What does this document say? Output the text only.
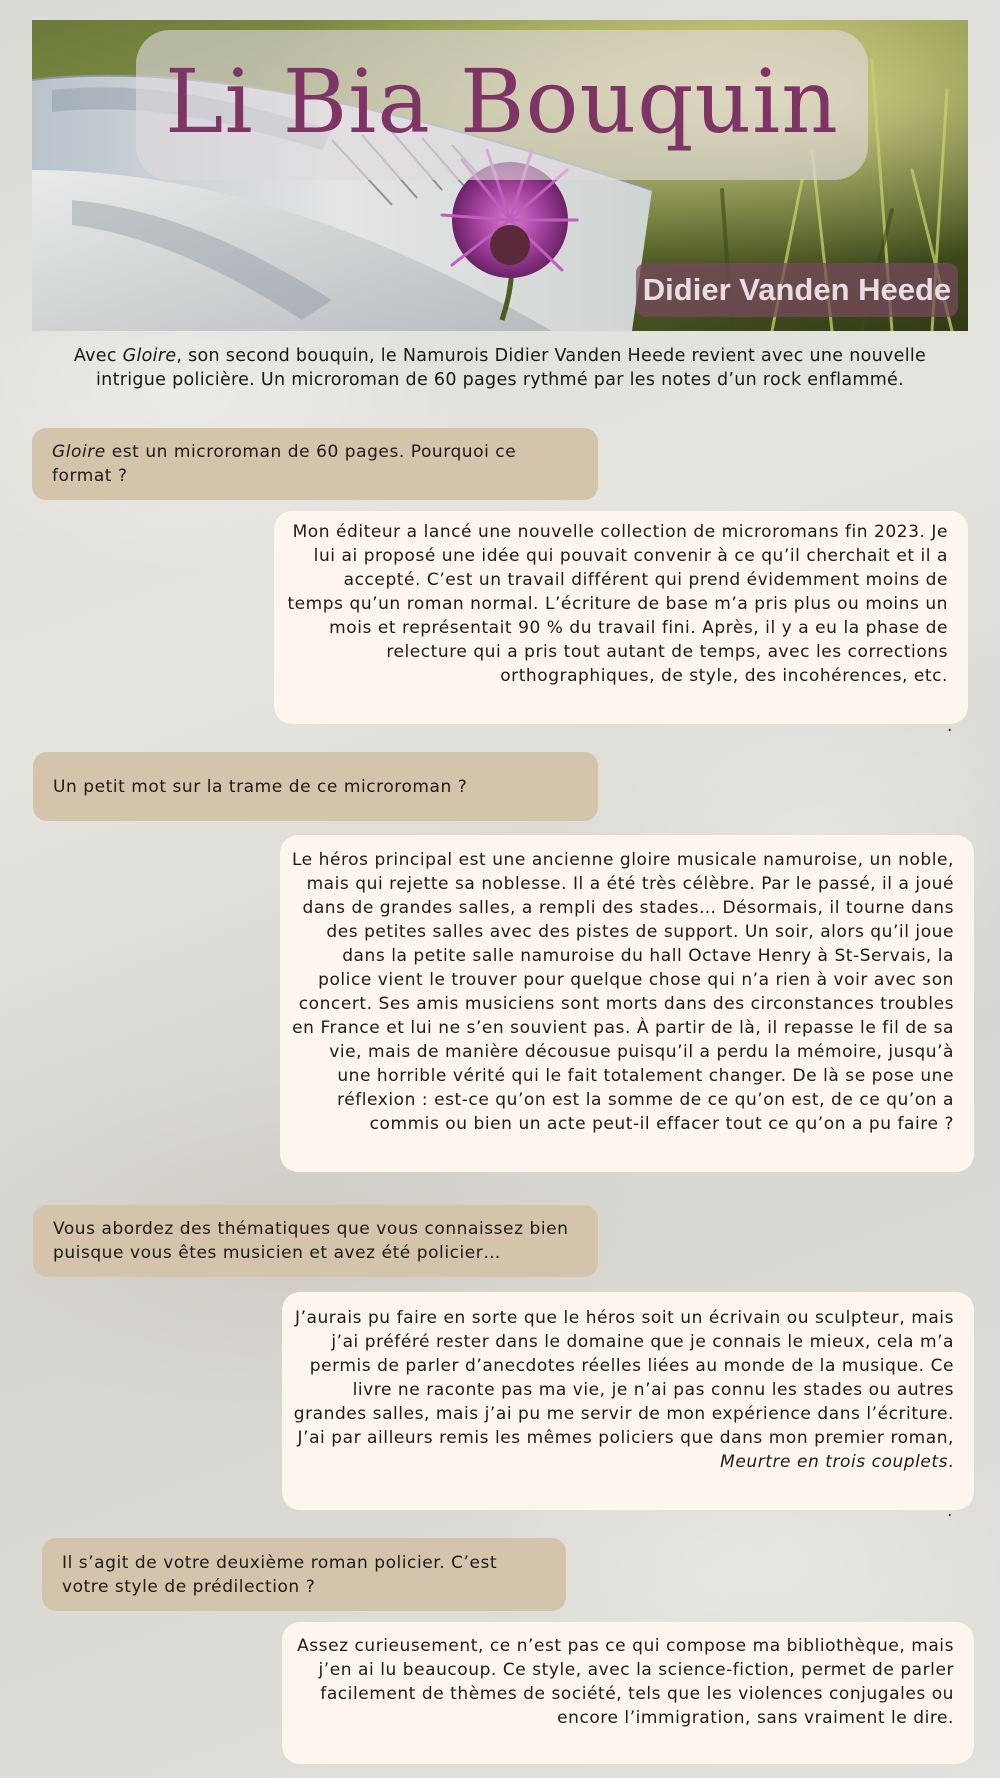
Li Bia Bouquin
Didier Vanden Heede

Avec Gloire, son second bouquin, le Namurois Didier Vanden Heede revient avec une nouvelle intrigue policière. Un microroman de 60 pages rythmé par les notes d’un rock enflammé.

Gloire est un microroman de 60 pages. Pourquoi ce format ?
Mon éditeur a lancé une nouvelle collection de microromans fin 2023. Je lui ai proposé une idée qui pouvait convenir à ce qu’il cherchait et il a accepté. C’est un travail différent qui prend évidemment moins de temps qu’un roman normal. L’écriture de base m’a pris plus ou moins un mois et représentait 90 % du travail fini. Après, il y a eu la phase de relecture qui a pris tout autant de temps, avec les corrections orthographiques, de style, des incohérences, etc.
.
Un petit mot sur la trame de ce microroman ?
Le héros principal est une ancienne gloire musicale namuroise, un noble, mais qui rejette sa noblesse. Il a été très célèbre. Par le passé, il a joué dans de grandes salles, a rempli des stades… Désormais, il tourne dans des petites salles avec des pistes de support. Un soir, alors qu’il joue dans la petite salle namuroise du hall Octave Henry à St-Servais, la police vient le trouver pour quelque chose qui n’a rien à voir avec son concert. Ses amis musiciens sont morts dans des circonstances troubles en France et lui ne s’en souvient pas. À partir de là, il repasse le fil de sa vie, mais de manière décousue puisqu’il a perdu la mémoire, jusqu’à une horrible vérité qui le fait totalement changer. De là se pose une réflexion : est-ce qu’on est la somme de ce qu’on est, de ce qu’on a commis ou bien un acte peut-il effacer tout ce qu’on a pu faire ?
Vous abordez des thématiques que vous connaissez bien puisque vous êtes musicien et avez été policier…
J’aurais pu faire en sorte que le héros soit un écrivain ou sculpteur, mais j’ai préféré rester dans le domaine que je connais le mieux, cela m’a permis de parler d’anecdotes réelles liées au monde de la musique. Ce livre ne raconte pas ma vie, je n’ai pas connu les stades ou autres grandes salles, mais j’ai pu me servir de mon expérience dans l’écriture. J’ai par ailleurs remis les mêmes policiers que dans mon premier roman, Meurtre en trois couplets.
.
Il s’agit de votre deuxième roman policier. C’est votre style de prédilection ?
Assez curieusement, ce n’est pas ce qui compose ma bibliothèque, mais j’en ai lu beaucoup. Ce style, avec la science-fiction, permet de parler facilement de thèmes de société, tels que les violences conjugales ou encore l’immigration, sans vraiment le dire.
